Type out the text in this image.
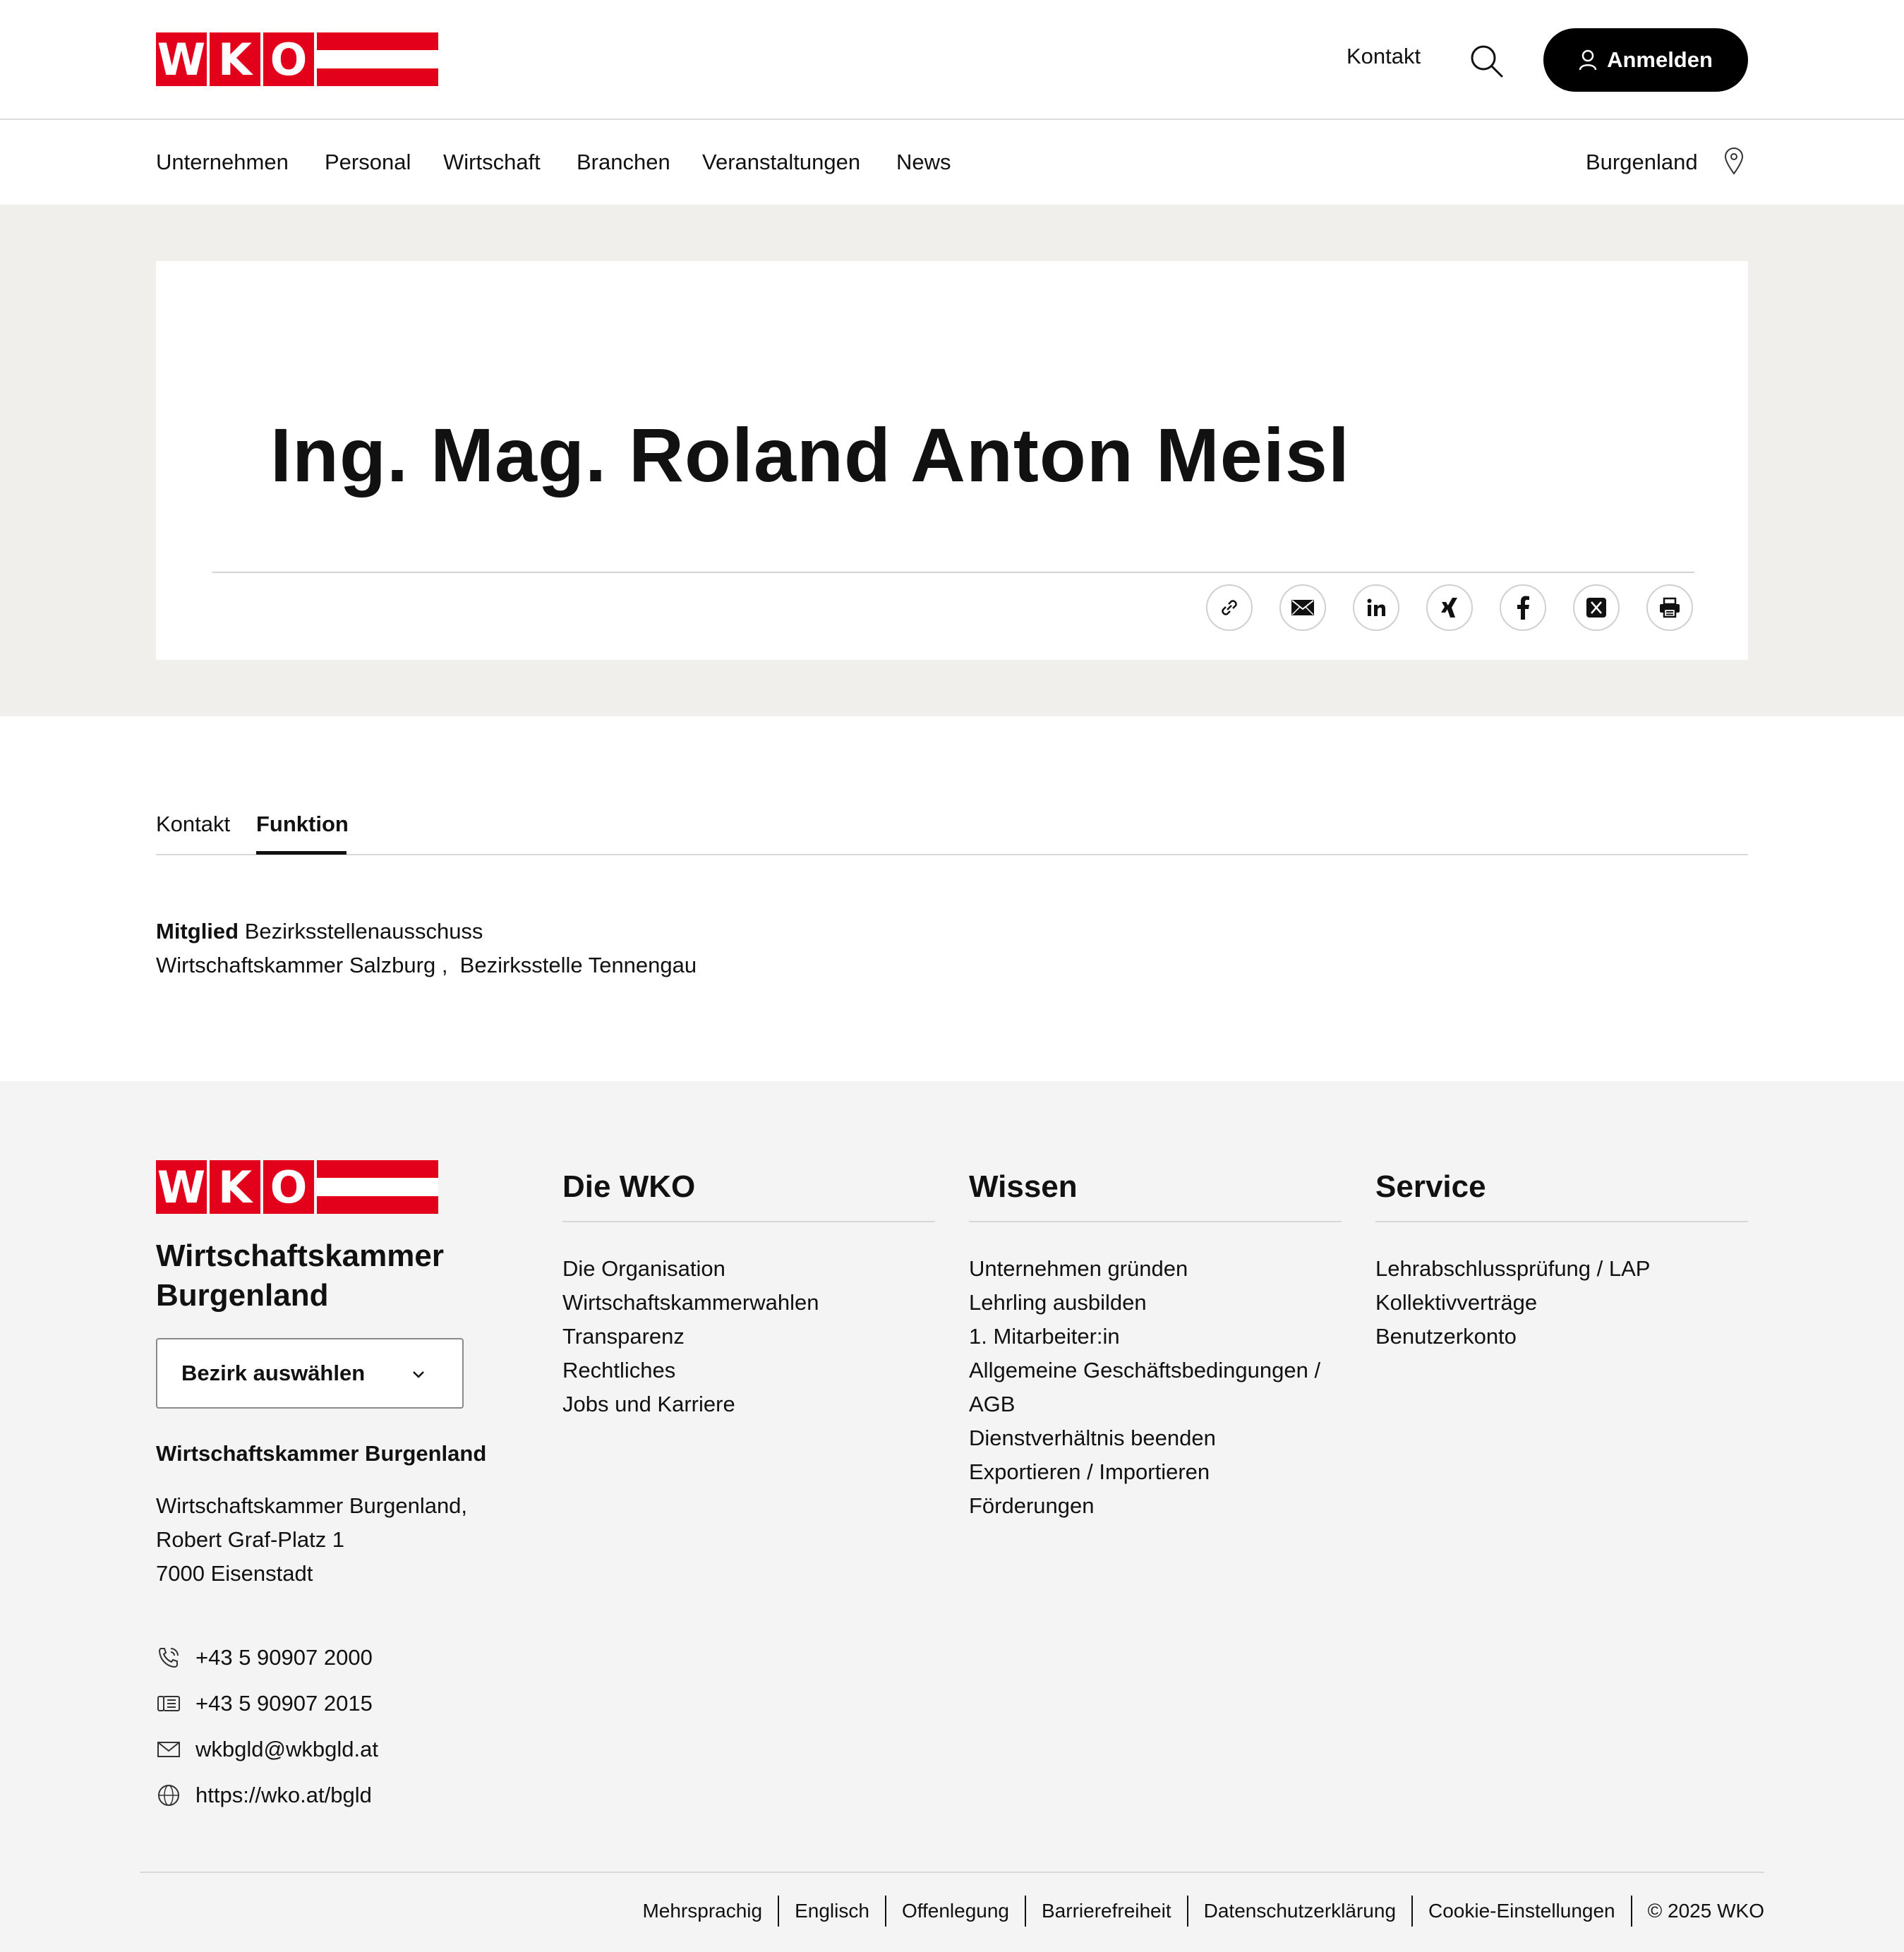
W K O	Kontakt	Anmelden
Unternehmen Personal Wirtschaft Branchen Veranstaltungen News	Burgenland
Ing. Mag. Roland Anton Meisl
Kontakt Funktion
Mitglied Bezirksstellenausschuss
Wirtschaftskammer Salzburg ,  Bezirksstelle Tennengau
W K O
Wirtschaftskammer
Burgenland
Bezirk auswählen
Wirtschaftskammer Burgenland
Wirtschaftskammer Burgenland,
Robert Graf-Platz 1
7000 Eisenstadt
+43 5 90907 2000
+43 5 90907 2015
wkbgld@wkbgld.at
https://wko.at/bgld
Die WKO
Die Organisation
Wirtschaftskammerwahlen
Transparenz
Rechtliches
Jobs und Karriere
Wissen
Unternehmen gründen
Lehrling ausbilden
1. Mitarbeiter:in
Allgemeine Geschäftsbedingungen /
AGB
Dienstverhältnis beenden
Exportieren / Importieren
Förderungen
Service
Lehrabschlussprüfung / LAP
Kollektivverträge
Benutzerkonto
Mehrsprachig	Englisch	Offenlegung	Barrierefreiheit	Datenschutzerklärung	Cookie-Einstellungen	© 2025 WKO
